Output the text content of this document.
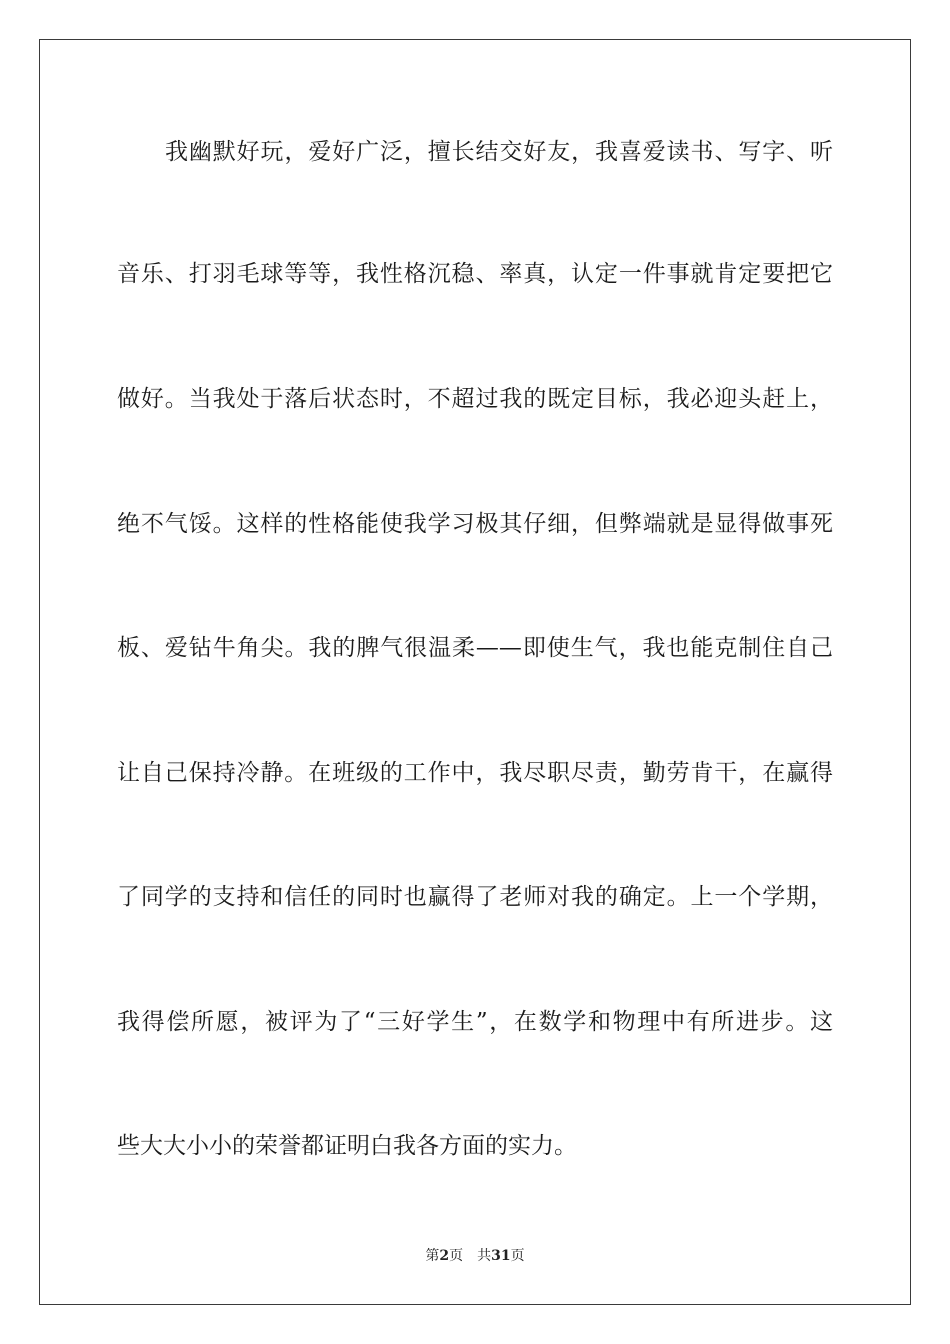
我幽默好玩，爱好广泛，擅长结交好友，我喜爱读书、写字、听
音乐、打羽毛球等等，我性格沉稳、率真，认定一件事就肯定要把它
做好。当我处于落后状态时，不超过我的既定目标，我必迎头赶上，
绝不气馁。这样的性格能使我学习极其仔细，但弊端就是显得做事死
板、爱钻牛角尖。我的脾气很温柔——即使生气，我也能克制住自己
让自己保持冷静。在班级的工作中，我尽职尽责，勤劳肯干，在赢得
了同学的支持和信任的同时也赢得了老师对我的确定。上一个学期，
我得偿所愿，被评为了“三好学生”，在数学和物理中有所进步。这
些大大小小的荣誉都证明白我各方面的实力。
第2页 共31页
